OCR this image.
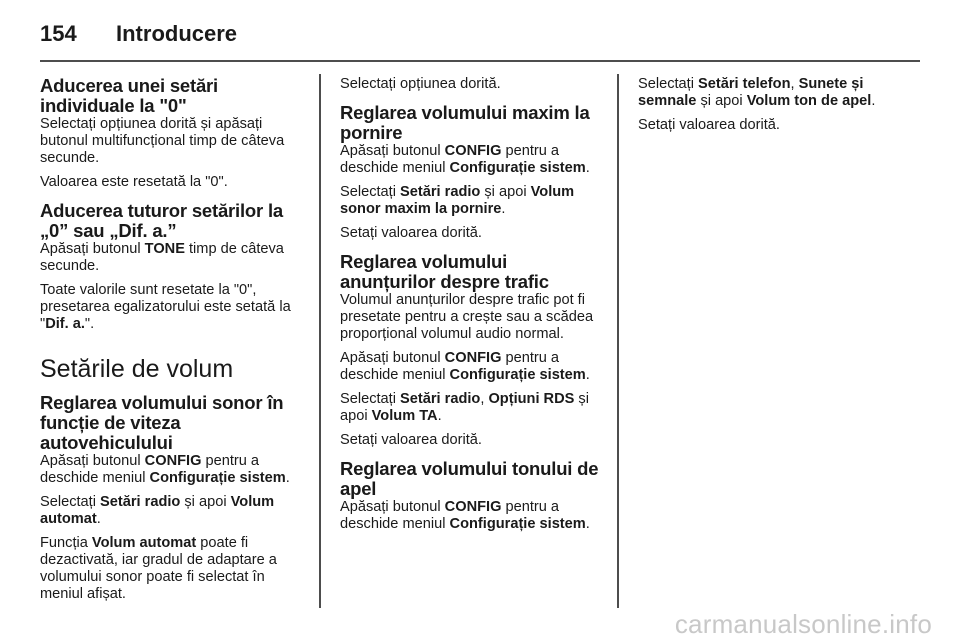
154	Introducere
Aducerea unei setări individuale la "0"

Selectați opțiunea dorită și apăsați butonul multifuncțional timp de câteva secunde.

Valoarea este resetată la "0".

Aducerea tuturor setărilor la „0” sau „Dif. a.”

Apăsați butonul TONE timp de câteva secunde.

Toate valorile sunt resetate la "0", presetarea egalizatorului este setată la "Dif. a.".

Setările de volum
Reglarea volumului sonor în funcție de viteza autovehiculului

Apăsați butonul CONFIG pentru a deschide meniul Configurație sistem.

Selectați Setări radio și apoi Volum automat.

Funcția Volum automat poate fi dezactivată, iar gradul de adaptare a volumului sonor poate fi selectat în meniul afișat.

Selectați opțiunea dorită.

Reglarea volumului maxim la pornire

Apăsați butonul CONFIG pentru a deschide meniul Configurație sistem.

Selectați Setări radio și apoi Volum sonor maxim la pornire.

Setați valoarea dorită.

Reglarea volumului anunțurilor despre trafic

Volumul anunțurilor despre trafic pot fi presetate pentru a crește sau a scădea proporțional volumul audio normal.

Apăsați butonul CONFIG pentru a deschide meniul Configurație sistem.

Selectați Setări radio, Opțiuni RDS și apoi Volum TA.

Setați valoarea dorită.

Reglarea volumului tonului de apel

Apăsați butonul CONFIG pentru a deschide meniul Configurație sistem.

Selectați Setări telefon, Sunete și semnale și apoi Volum ton de apel.

Setați valoarea dorită.

carmanualsonline.info
